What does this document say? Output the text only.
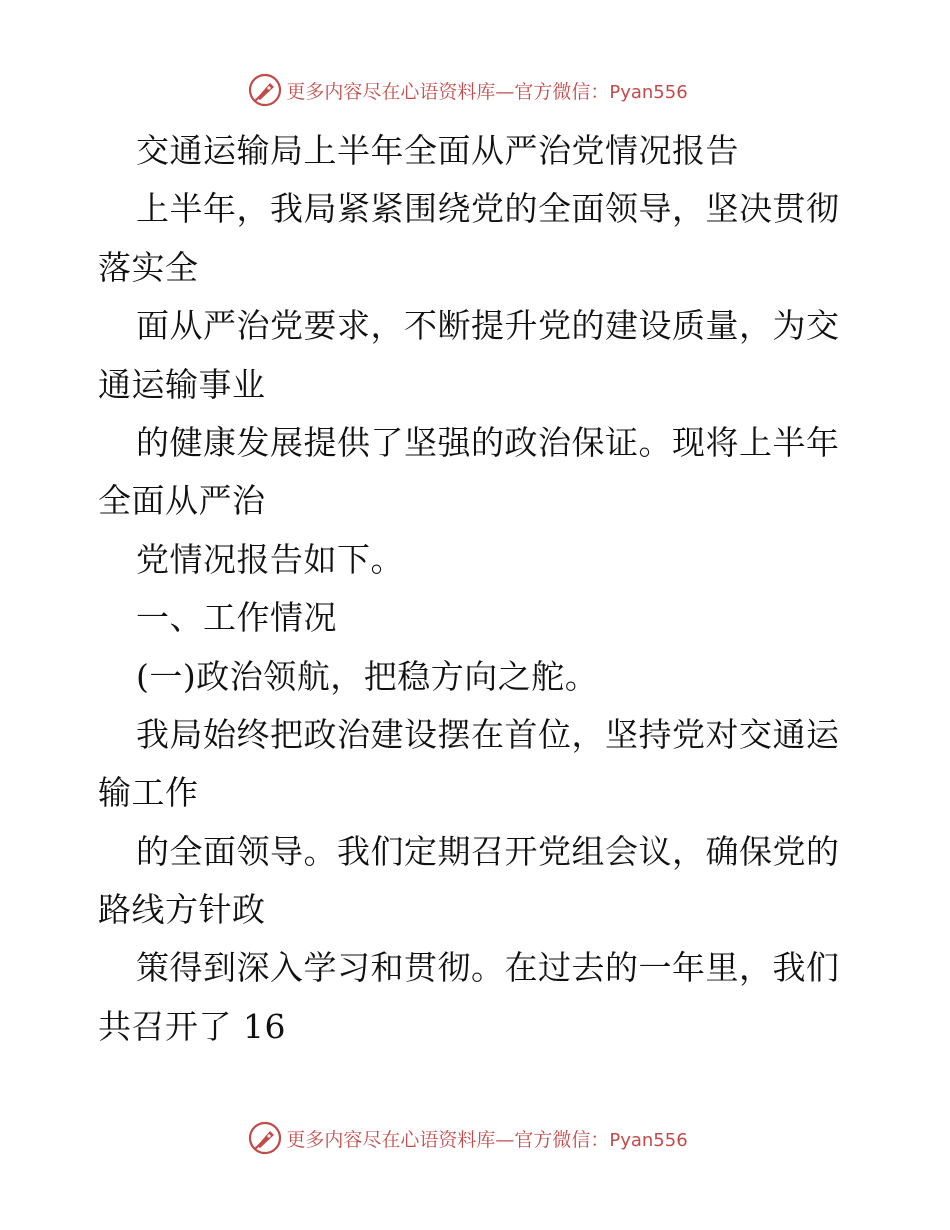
更多内容尽在心语资料库—官方微信：Pyan556
交通运输局上半年全面从严治党情况报告
上半年，我局紧紧围绕党的全面领导，坚决贯彻
落实全
面从严治党要求，不断提升党的建设质量，为交
通运输事业
的健康发展提供了坚强的政治保证。现将上半年
全面从严治
党情况报告如下。
一、工作情况
(一)政治领航，把稳方向之舵。
我局始终把政治建设摆在首位，坚持党对交通运
输工作
的全面领导。我们定期召开党组会议，确保党的
路线方针政
策得到深入学习和贯彻。在过去的一年里，我们
共召开了 16
更多内容尽在心语资料库—官方微信：Pyan556
